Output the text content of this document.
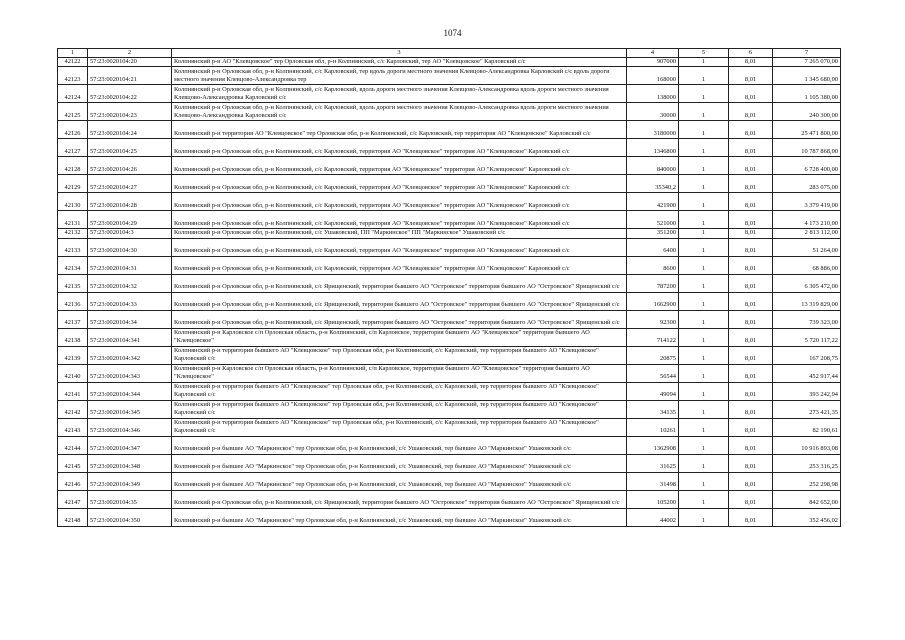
1074
1	2	3	4	5	6	7
42122	57:23:0020104:20	Колпнянский р-н АО "Клевцовское" тер Орловская обл, р-н Колпнянский, с/с Карловский, тер АО "Клевцовское" Карловский с/с	907000	1	8,01	7 265 070,00
42123	57:23:0020104:21	Колпнянский р-н Орловская обл, р-н Колпнянский, с/с Карловский, тер вдоль дороги местного значения Клевцово-Александровка Карловский с/с вдоль дороги местного значения Клевцово-Александровка тер	168000	1	8,01	1 345 680,00
42124	57:23:0020104:22	Колпнянский р-н Орловская обл, р-н Колпнянский, с/с Карловский, вдоль дороги местного значения Клевцово-Александровка вдоль дороги местного значения Клевцово-Александровка Карловский с/с	138000	1	8,01	1 105 380,00
42125	57:23:0020104:23	Колпнянский р-н Орловская обл, р-н Колпнянский, с/с Карловский, вдоль дороги местного значения Клевцово-Александровка вдоль дороги местного значения Клевцово-Александровка Карловский с/с	30000	1	8,01	240 300,00
42126	57:23:0020104:24	Колпнянский р-н территория АО "Клевцовское" тер Орловская обл, р-н Колпнянский, с/с Карловский, тер территория АО "Клевцовское" Карловский с/с	3180000	1	8,01	25 471 800,00
42127	57:23:0020104:25	Колпнянский р-н Орловская обл, р-н Колпнянский, с/с Карловский, территория АО "Клевцовское" территория АО "Клевцовское" Карловский с/с	1346800	1	8,01	10 787 868,00
42128	57:23:0020104:26	Колпнянский р-н Орловская обл, р-н Колпнянский, с/с Карловский, территория АО "Клевцовское" территория АО "Клевцовское" Карловский с/с	840000	1	8,01	6 728 400,00
42129	57:23:0020104:27	Колпнянский р-н Орловская обл, р-н Колпнянский, с/с Карловский, территория АО "Клевцовское" территория АО "Клевцовское" Карловский с/с	35340,2	1	8,01	283 075,00
42130	57:23:0020104:28	Колпнянский р-н Орловская обл, р-н Колпнянский, с/с Карловский, территория АО "Клевцовское" территория АО "Клевцовское" Карловский с/с	421900	1	8,01	3 379 419,00
42131	57:23:0020104:29	Колпнянский р-н Орловская обл, р-н Колпнянский, с/с Карловский, территория АО "Клевцовское" территория АО "Клевцовское" Карловский с/с	521000	1	8,01	4 173 210,00
42132	57:23:0020104:3	Колпнянский р-н Орловская обл, р-н Колпнянский, с/с Ушаковский, ПП "Маркинское" ПП "Маркинское" Ушаковский с/с	351200	1	8,01	2 813 112,00
42133	57:23:0020104:30	Колпнянский р-н Орловская обл, р-н Колпнянский, с/с Карловский, территория АО "Клевцовское" территория АО "Клевцовское" Карловский с/с	6400	1	8,01	51 264,00
42134	57:23:0020104:31	Колпнянский р-н Орловская обл, р-н Колпнянский, с/с Карловский, территория АО "Клевцовское" территория АО "Клевцовское" Карловский с/с	8600	1	8,01	68 886,00
42135	57:23:0020104:32	Колпнянский р-н Орловская обл, р-н Колпнянский, с/с Ярищенский, территория бывшего АО "Островское" территория бывшего АО "Островское" Ярищенский с/с	787200	1	8,01	6 305 472,00
42136	57:23:0020104:33	Колпнянский р-н Орловская обл, р-н Колпнянский, с/с Ярищенский, территория бывшего АО "Островское" территория бывшего АО "Островское" Ярищенский с/с	1662900	1	8,01	13 319 829,00
42137	57:23:0020104:34	Колпнянский р-н Орловская обл, р-н Колпнянский, с/с Ярищенский, территория бывшего АО "Островское" территория бывшего АО "Островское" Ярищенский с/с	92300	1	8,01	739 323,00
42138	57:23:0020104:341	Колпнянский р-н Карловское с/п Орловская область, р-н Колпнянский, с/п Карловское, территория бывшего АО "Клевцовское" территория бывшего АО "Клевцовское"	714122	1	8,01	5 720 117,22
42139	57:23:0020104:342	Колпнянский р-н территория бывшего АО "Клевцовское" тер Орловская обл, р-н Колпнянский, с/с Карловский, тер территория бывшего АО "Клевцовское" Карловский с/с	20875	1	8,01	167 208,75
42140	57:23:0020104:343	Колпнянский р-н Карловское с/п Орловская область, р-н Колпнянский, с/п Карловское, территория бывшего АО "Клевцовское" территория бывшего АО "Клевцовское"	56544	1	8,01	452 917,44
42141	57:23:0020104:344	Колпнянский р-н территория бывшего АО "Клевцовское" тер Орловская обл, р-н Колпнянский, с/с Карловский, тер территория бывшего АО "Клевцовское" Карловский с/с	49094	1	8,01	393 242,94
42142	57:23:0020104:345	Колпнянский р-н территория бывшего АО "Клевцовское" тер Орловская обл, р-н Колпнянский, с/с Карловский, тер территория бывшего АО "Клевцовское" Карловский с/с	34135	1	8,01	273 421,35
42143	57:23:0020104:346	Колпнянский р-н территория бывшего АО "Клевцовское" тер Орловская обл, р-н Колпнянский, с/с Карловский, тер территория бывшего АО "Клевцовское" Карловский с/с	10261	1	8,01	82 190,61
42144	57:23:0020104:347	Колпнянский р-н бывшее АО "Маркинское" тер Орловская обл, р-н Колпнянский, с/с Ушаковский, тер бывшее АО "Маркинское" Ушаковский с/с	1362908	1	8,01	10 916 893,08
42145	57:23:0020104:348	Колпнянский р-н бывшее АО "Маркинское" тер Орловская обл, р-н Колпнянский, с/с Ушаковский, тер бывшее АО "Маркинское" Ушаковский с/с	31625	1	8,01	253 316,25
42146	57:23:0020104:349	Колпнянский р-н бывшее АО "Маркинское" тер Орловская обл, р-н Колпнянский, с/с Ушаковский, тер бывшее АО "Маркинское" Ушаковский с/с	31498	1	8,01	252 298,98
42147	57:23:0020104:35	Колпнянский р-н Орловская обл, р-н Колпнянский, с/с Ярищенский, территория бывшего АО "Островское" территория бывшего АО "Островское" Ярищенский с/с	105200	1	8,01	842 652,00
42148	57:23:0020104:350	Колпнянский р-н бывшее АО "Маркинское" тер Орловская обл, р-н Колпнянский, с/с Ушаковский, тер бывшее АО "Маркинское" Ушаковский с/с	44002	1	8,01	352 456,02
